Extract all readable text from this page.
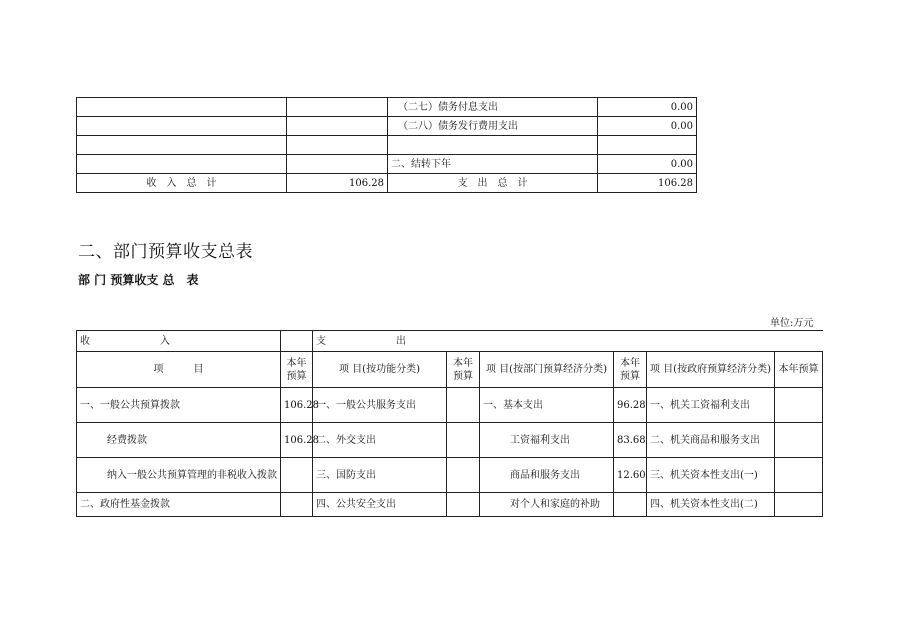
		（二七）债务付息支出	0.00
		（二八）债务发行费用支出	0.00

		二、结转下年	0.00
收　入　总　计	106.28	支　出　总　计	106.28
二、部门预算收支总表
部 门 预算收支 总　表
单位:万元
收　　　　　　　入		支　　　　　　　出					
项　　　目	本年预算	项 目(按功能分类)	本年预算	项 目(按部门预算经济分类)	本年预算	项 目(按政府预算经济分类)	本年预算
一、一般公共预算拨款	106.28	一、一般公共服务支出		一、基本支出	96.28	一、机关工资福利支出	
经费拨款	106.28	二、外交支出		工资福利支出	83.68	二、机关商品和服务支出	
纳入一般公共预算管理的非税收入拨款		三、国防支出		商品和服务支出	12.60	三、机关资本性支出(一)	
二、政府性基金拨款		四、公共安全支出		对个人和家庭的补助		四、机关资本性支出(二)	
